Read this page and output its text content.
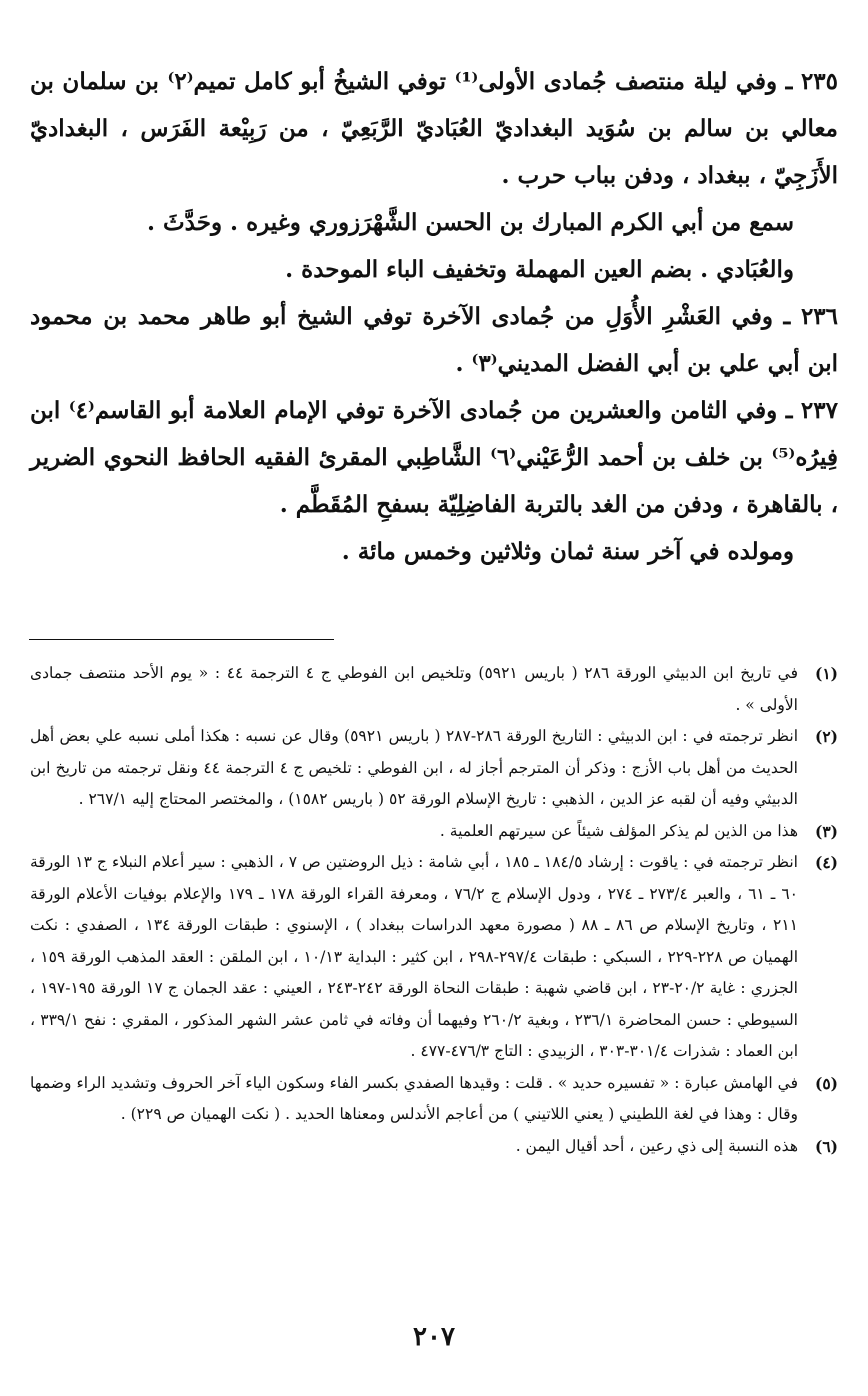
٢٣٥ ـ وفي ليلة منتصف جُمادى الأولى⁽¹⁾ توفي الشيخُ أبو كامل تميم⁽٢⁾ بن سلمان بن معالي بن سالم بن سُوَيد البغداديّ العُبَاديّ الرَّبَعِيّ ، من رَبِيْعة الفَرَس ، البغداديّ الأَزَجِيّ ، ببغداد ، ودفن بباب حرب .

سمع من أبي الكرم المبارك بن الحسن الشَّهْرَزوري وغيره . وحَدَّثَ .

والعُبَادي . بضم العين المهملة وتخفيف الباء الموحدة .

٢٣٦ ـ وفي العَشْرِ الأُوَلِ من جُمادى الآخرة توفي الشيخ أبو طاهر محمد بن محمود ابن أبي علي بن أبي الفضل المديني⁽٣⁾ .

٢٣٧ ـ وفي الثامن والعشرين من جُمادى الآخرة توفي الإمام العلامة أبو القاسم⁽٤⁾ ابن فِيرُه⁽⁵⁾ بن خلف بن أحمد الرُّعَيْني⁽٦⁾ الشَّاطِبي المقرئ الفقيه الحافظ النحوي الضرير ، بالقاهرة ، ودفن من الغد بالتربة الفاضِلِيّة بسفحِ المُقَطَّم .

ومولده في آخر سنة ثمان وثلاثين وخمس مائة .

(١)
في تاريخ ابن الدبيثي الورقة ٢٨٦ ( باريس ٥٩٢١) وتلخيص ابن الفوطي ج ٤ الترجمة ٤٤ : « يوم الأحد منتصف جمادى الأولى » .
(٢)
انظر ترجمته في : ابن الدبيثي : التاريخ الورقة ٢٨٦-٢٨٧ ( باريس ٥٩٢١) وقال عن نسبه : هكذا أملى نسبه علي بعض أهل الحديث من أهل باب الأزج : وذكر أن المترجم أجاز له ، ابن الفوطي : تلخيص ج ٤ الترجمة ٤٤ ونقل ترجمته من تاريخ ابن الدبيثي وفيه أن لقبه عز الدين ، الذهبي : تاريخ الإسلام الورقة ٥٢ ( باريس ١٥٨٢) ، والمختصر المحتاج إليه ٢٦٧/١ .
(٣)
هذا من الذين لم يذكر المؤلف شيئاً عن سيرتهم العلمية .
(٤)
انظر ترجمته في : ياقوت : إرشاد ١٨٤/٥ ـ ١٨٥ ، أبي شامة : ذيل الروضتين ص ٧ ، الذهبي : سير أعلام النبلاء ج ١٣ الورقة ٦٠ ـ ٦١ ، والعبر ٢٧٣/٤ ـ ٢٧٤ ، ودول الإسلام ج ٧٦/٢ ، ومعرفة القراء الورقة ١٧٨ ـ ١٧٩ والإعلام بوفيات الأعلام الورقة ٢١١ ، وتاريخ الإسلام ص ٨٦ ـ ٨٨ ( مصورة معهد الدراسات ببغداد ) ، الإسنوي : طبقات الورقة ١٣٤ ، الصفدي : نكت الهميان ص ٢٢٨-٢٢٩ ، السبكي : طبقات ٢٩٧/٤-٢٩٨ ، ابن كثير : البداية ١٠/١٣ ، ابن الملقن : العقد المذهب الورقة ١٥٩ ، الجزري : غاية ٢٠/٢-٢٣ ، ابن قاضي شهبة : طبقات النحاة الورقة ٢٤٢-٢٤٣ ، العيني : عقد الجمان ج ١٧ الورقة ١٩٥-١٩٧ ، السيوطي : حسن المحاضرة ٢٣٦/١ ، وبغية ٢٦٠/٢ وفيهما أن وفاته في ثامن عشر الشهر المذكور ، المقري : نفح ٣٣٩/١ ، ابن العماد : شذرات ٣٠١/٤-٣٠٣ ، الزبيدي : التاج ٤٧٦/٣-٤٧٧ .
(٥)
في الهامش عبارة : « تفسيره حديد » . قلت : وقيدها الصفدي بكسر الفاء وسكون الياء آخر الحروف وتشديد الراء وضمها وقال : وهذا في لغة اللطيني ( يعني اللاتيني ) من أعاجم الأندلس ومعناها الحديد . ( نكت الهميان ص ٢٢٩) .
(٦)
هذه النسبة إلى ذي رعين ، أحد أقيال اليمن .
٢٠٧
